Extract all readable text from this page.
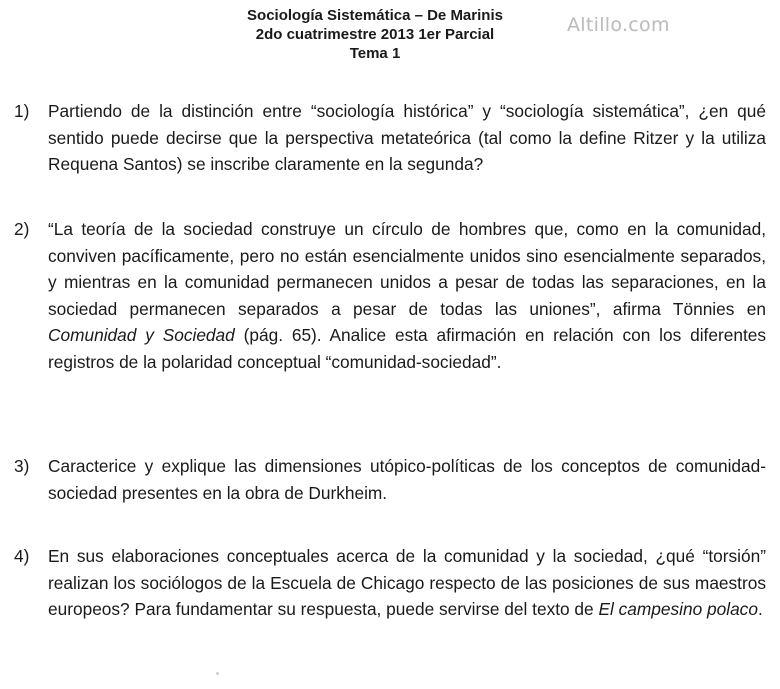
Sociología Sistemática – De Marinis
2do cuatrimestre 2013 1er Parcial
Tema 1
Altillo.com
1) Partiendo de la distinción entre “sociología histórica” y “sociología sistemática”, ¿en qué sentido puede decirse que la perspectiva metateórica (tal como la define Ritzer y la utiliza Requena Santos) se inscribe claramente en la segunda?
2) “La teoría de la sociedad construye un círculo de hombres que, como en la comunidad, conviven pacíficamente, pero no están esencialmente unidos sino esencialmente separados, y mientras en la comunidad permanecen unidos a pesar de todas las separaciones, en la sociedad permanecen separados a pesar de todas las uniones”, afirma Tönnies en Comunidad y Sociedad (pág. 65). Analice esta afirmación en relación con los diferentes registros de la polaridad conceptual “comunidad-sociedad”.
3) Caracterice y explique las dimensiones utópico-políticas de los conceptos de comunidad-sociedad presentes en la obra de Durkheim.
4) En sus elaboraciones conceptuales acerca de la comunidad y la sociedad, ¿qué “torsión” realizan los sociólogos de la Escuela de Chicago respecto de las posiciones de sus maestros europeos? Para fundamentar su respuesta, puede servirse del texto de El campesino polaco.
